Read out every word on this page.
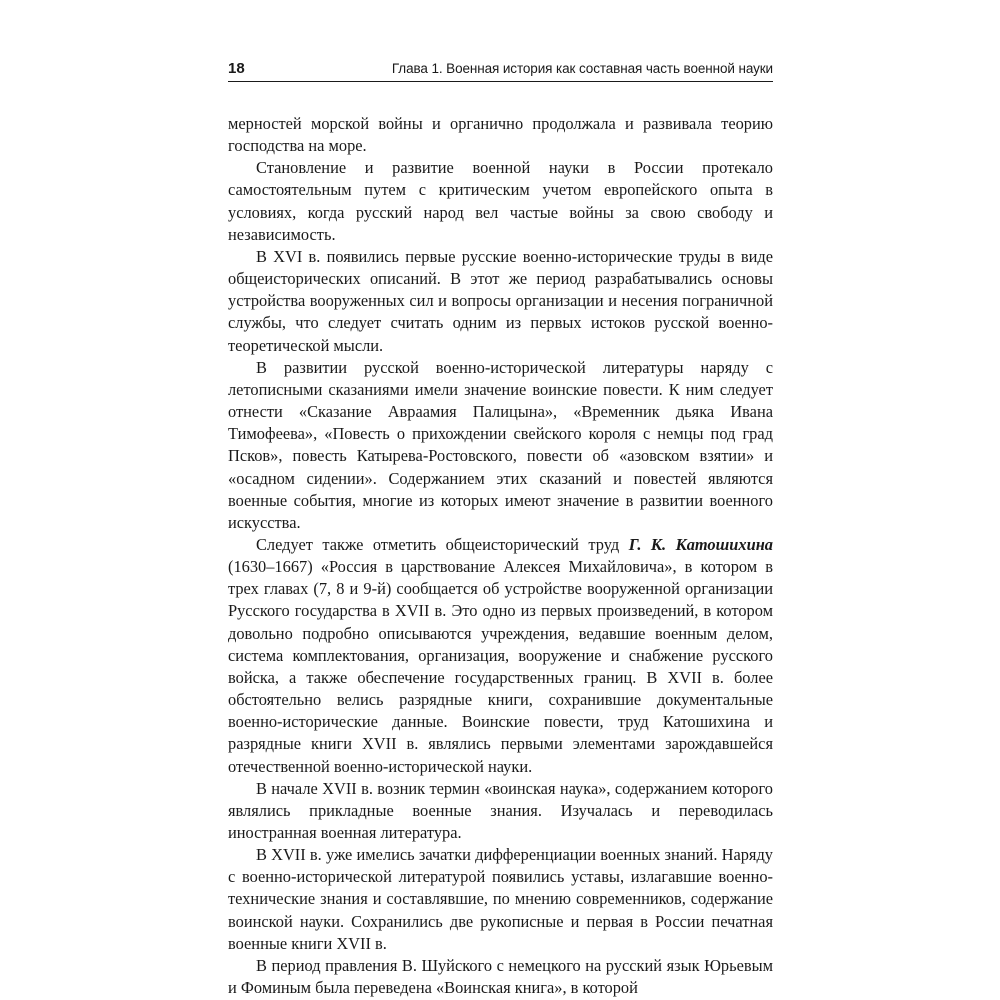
18	Глава 1. Военная история как составная часть военной науки

мерностей морской войны и органично продолжала и развивала теорию господства на море.

Становление и развитие военной науки в России протекало самостоятельным путем с критическим учетом европейского опыта в условиях, когда русский народ вел частые войны за свою свободу и независимость.

В XVI в. появились первые русские военно-исторические труды в виде общеисторических описаний. В этот же период разрабатывались основы устройства вооруженных сил и вопросы организации и несения пограничной службы, что следует считать одним из первых истоков русской военно-теоретической мысли.

В развитии русской военно-исторической литературы наряду с летописными сказаниями имели значение воинские повести. К ним следует отнести «Сказание Авраамия Палицына», «Временник дьяка Ивана Тимофеева», «Повесть о прихождении свейского короля с немцы под град Псков», повесть Катырева-Ростовского, повести об «азовском взятии» и «осадном сидении». Содержанием этих сказаний и повестей являются военные события, многие из которых имеют значение в развитии военного искусства.

Следует также отметить общеисторический труд Г. К. Катошихина (1630–1667) «Россия в царствование Алексея Михайловича», в котором в трех главах (7, 8 и 9-й) сообщается об устройстве вооруженной организации Русского государства в XVII в. Это одно из первых произведений, в котором довольно подробно описываются учреждения, ведавшие военным делом, система комплектования, организация, вооружение и снабжение русского войска, а также обеспечение государственных границ. В XVII в. более обстоятельно велись разрядные книги, сохранившие документальные военно-исторические данные. Воинские повести, труд Катошихина и разрядные книги XVII в. являлись первыми элементами зарождавшейся отечественной военно-исторической науки.

В начале XVII в. возник термин «воинская наука», содержанием которого являлись прикладные военные знания. Изучалась и переводилась иностранная военная литература.

В XVII в. уже имелись зачатки дифференциации военных знаний. Наряду с военно-исторической литературой появились уставы, излагавшие военно-технические знания и составлявшие, по мнению современников, содержание воинской науки. Сохранились две рукописные и первая в России печатная военные книги XVII в.

В период правления В. Шуйского с немецкого на русский язык Юрьевым и Фоминым была переведена «Воинская книга», в которой
